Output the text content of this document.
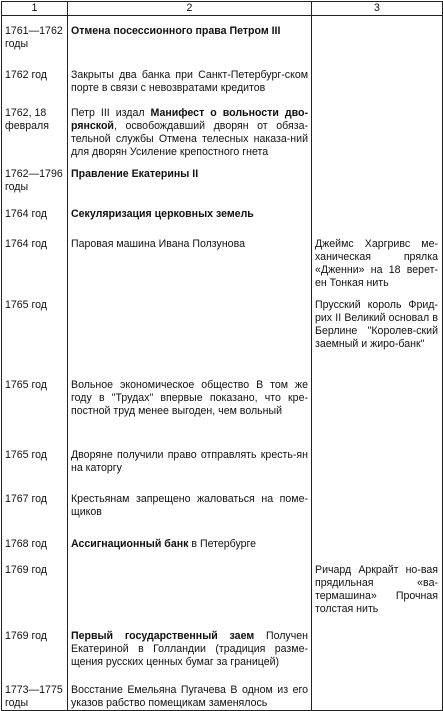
1	2	3

1761—1762 годы	Отмена посессионного права Петром III	

1762 год	Закрыты два банка при Санкт-Петербург-ском порте в связи с невозвратами кредитов	

1762, 18 февраля	Петр III издал Манифест о вольности дво-рянской, освобождавший дворян от обяза-тельной службы Отмена телесных наказа-ний для дворян Усиление крепостного гнета	

1762—1796 годы	Правление Екатерины II	

1764 год	Секуляризация церковных земель	

1764 год	Паровая машина Ивана Ползунова	Джеймс Харгривс ме-ханическая прялка «Дженни» на 18 верет-ен Тонкая нить

1765 год		Прусский король Фрид-рих II Великий основал в Берлине "Королев-ский заемный и жиро-банк"

1765 год	Вольное экономическое общество В том же году в "Трудах" впервые показано, что кре-постной труд менее выгоден, чем вольный	

1765 год	Дворяне получили право отправлять кресть-ян на каторгу	

1767 год	Крестьянам запрещено жаловаться на поме-щиков	

1768 год	Ассигнационный банк в Петербурге	

1769 год		Ричард Аркрайт но-вая прядильная «ва-термашина» Прочная толстая нить

1769 год	Первый государственный заем Получен Екатериной в Голландии (традиция разме-щения русских ценных бумаг за границей)	

1773—1775 годы	Восстание Емельяна Пугачева В одном из его указов рабство помещикам заменялось	
